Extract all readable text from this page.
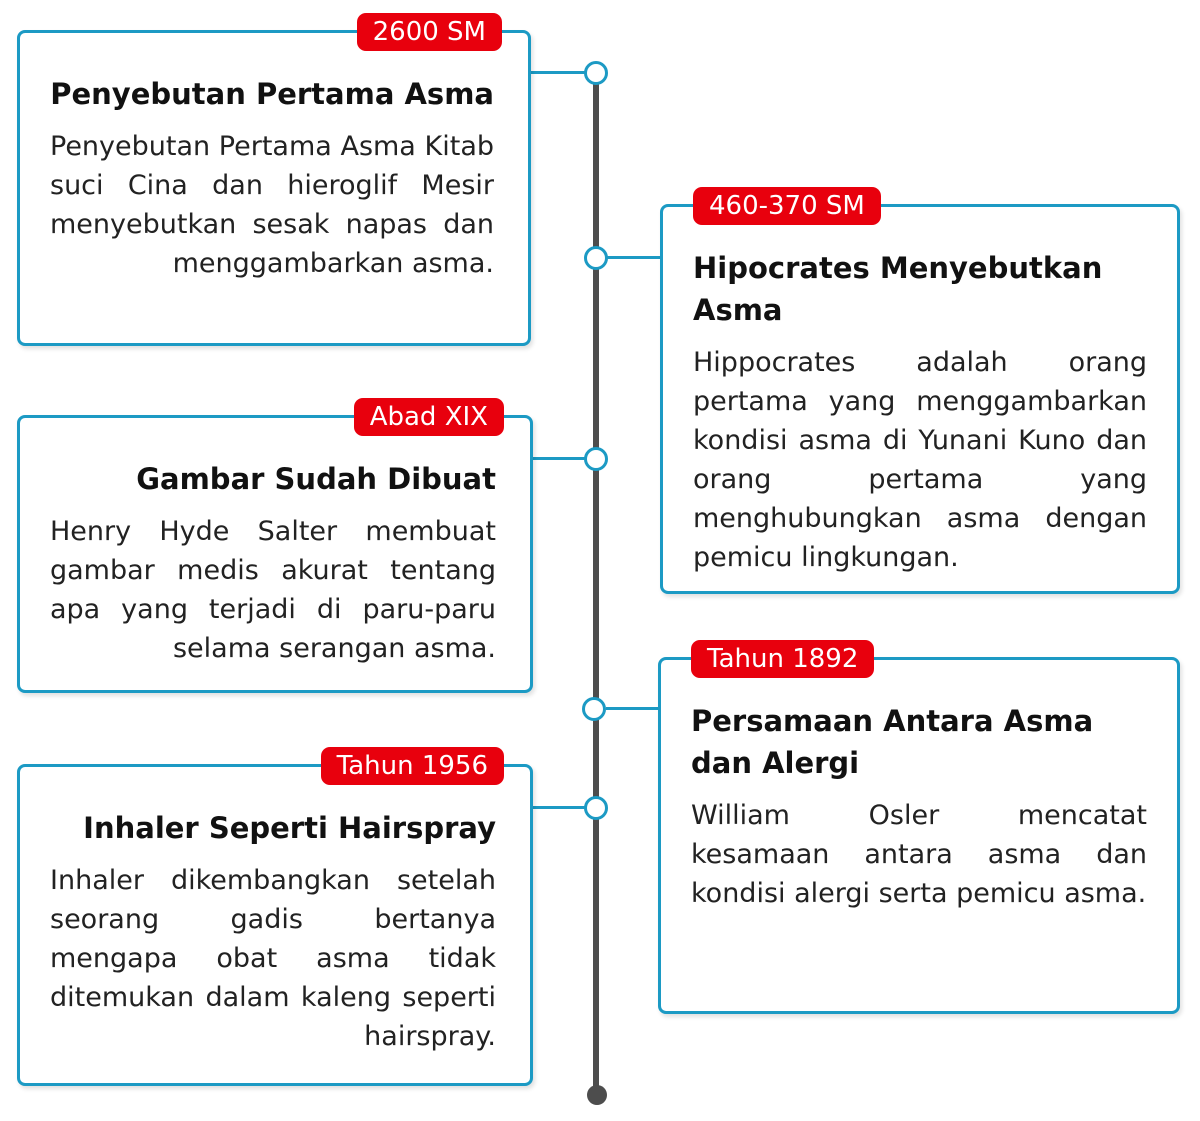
2600 SM
Penyebutan Pertama Asma
Penyebutan Pertama Asma Kitab suci Cina dan hieroglif Mesir menyebutkan sesak napas dan menggambarkan asma.
460-370 SM
Hipocrates Menyebutkan Asma
Hippocrates adalah orang pertama yang menggambarkan kondisi asma di Yunani Kuno dan orang pertama yang menghubungkan asma dengan pemicu lingkungan.
Abad XIX
Gambar Sudah Dibuat
Henry Hyde Salter membuat gambar medis akurat tentang apa yang terjadi di paru-paru selama serangan asma.	Tahun 1892
Persamaan Antara Asma dan Alergi
William Osler mencatat kesamaan antara asma dan kondisi alergi serta pemicu asma.
Tahun 1956
Inhaler Seperti Hairspray
Inhaler dikembangkan setelah seorang gadis bertanya mengapa obat asma tidak ditemukan dalam kaleng seperti hairspray.
